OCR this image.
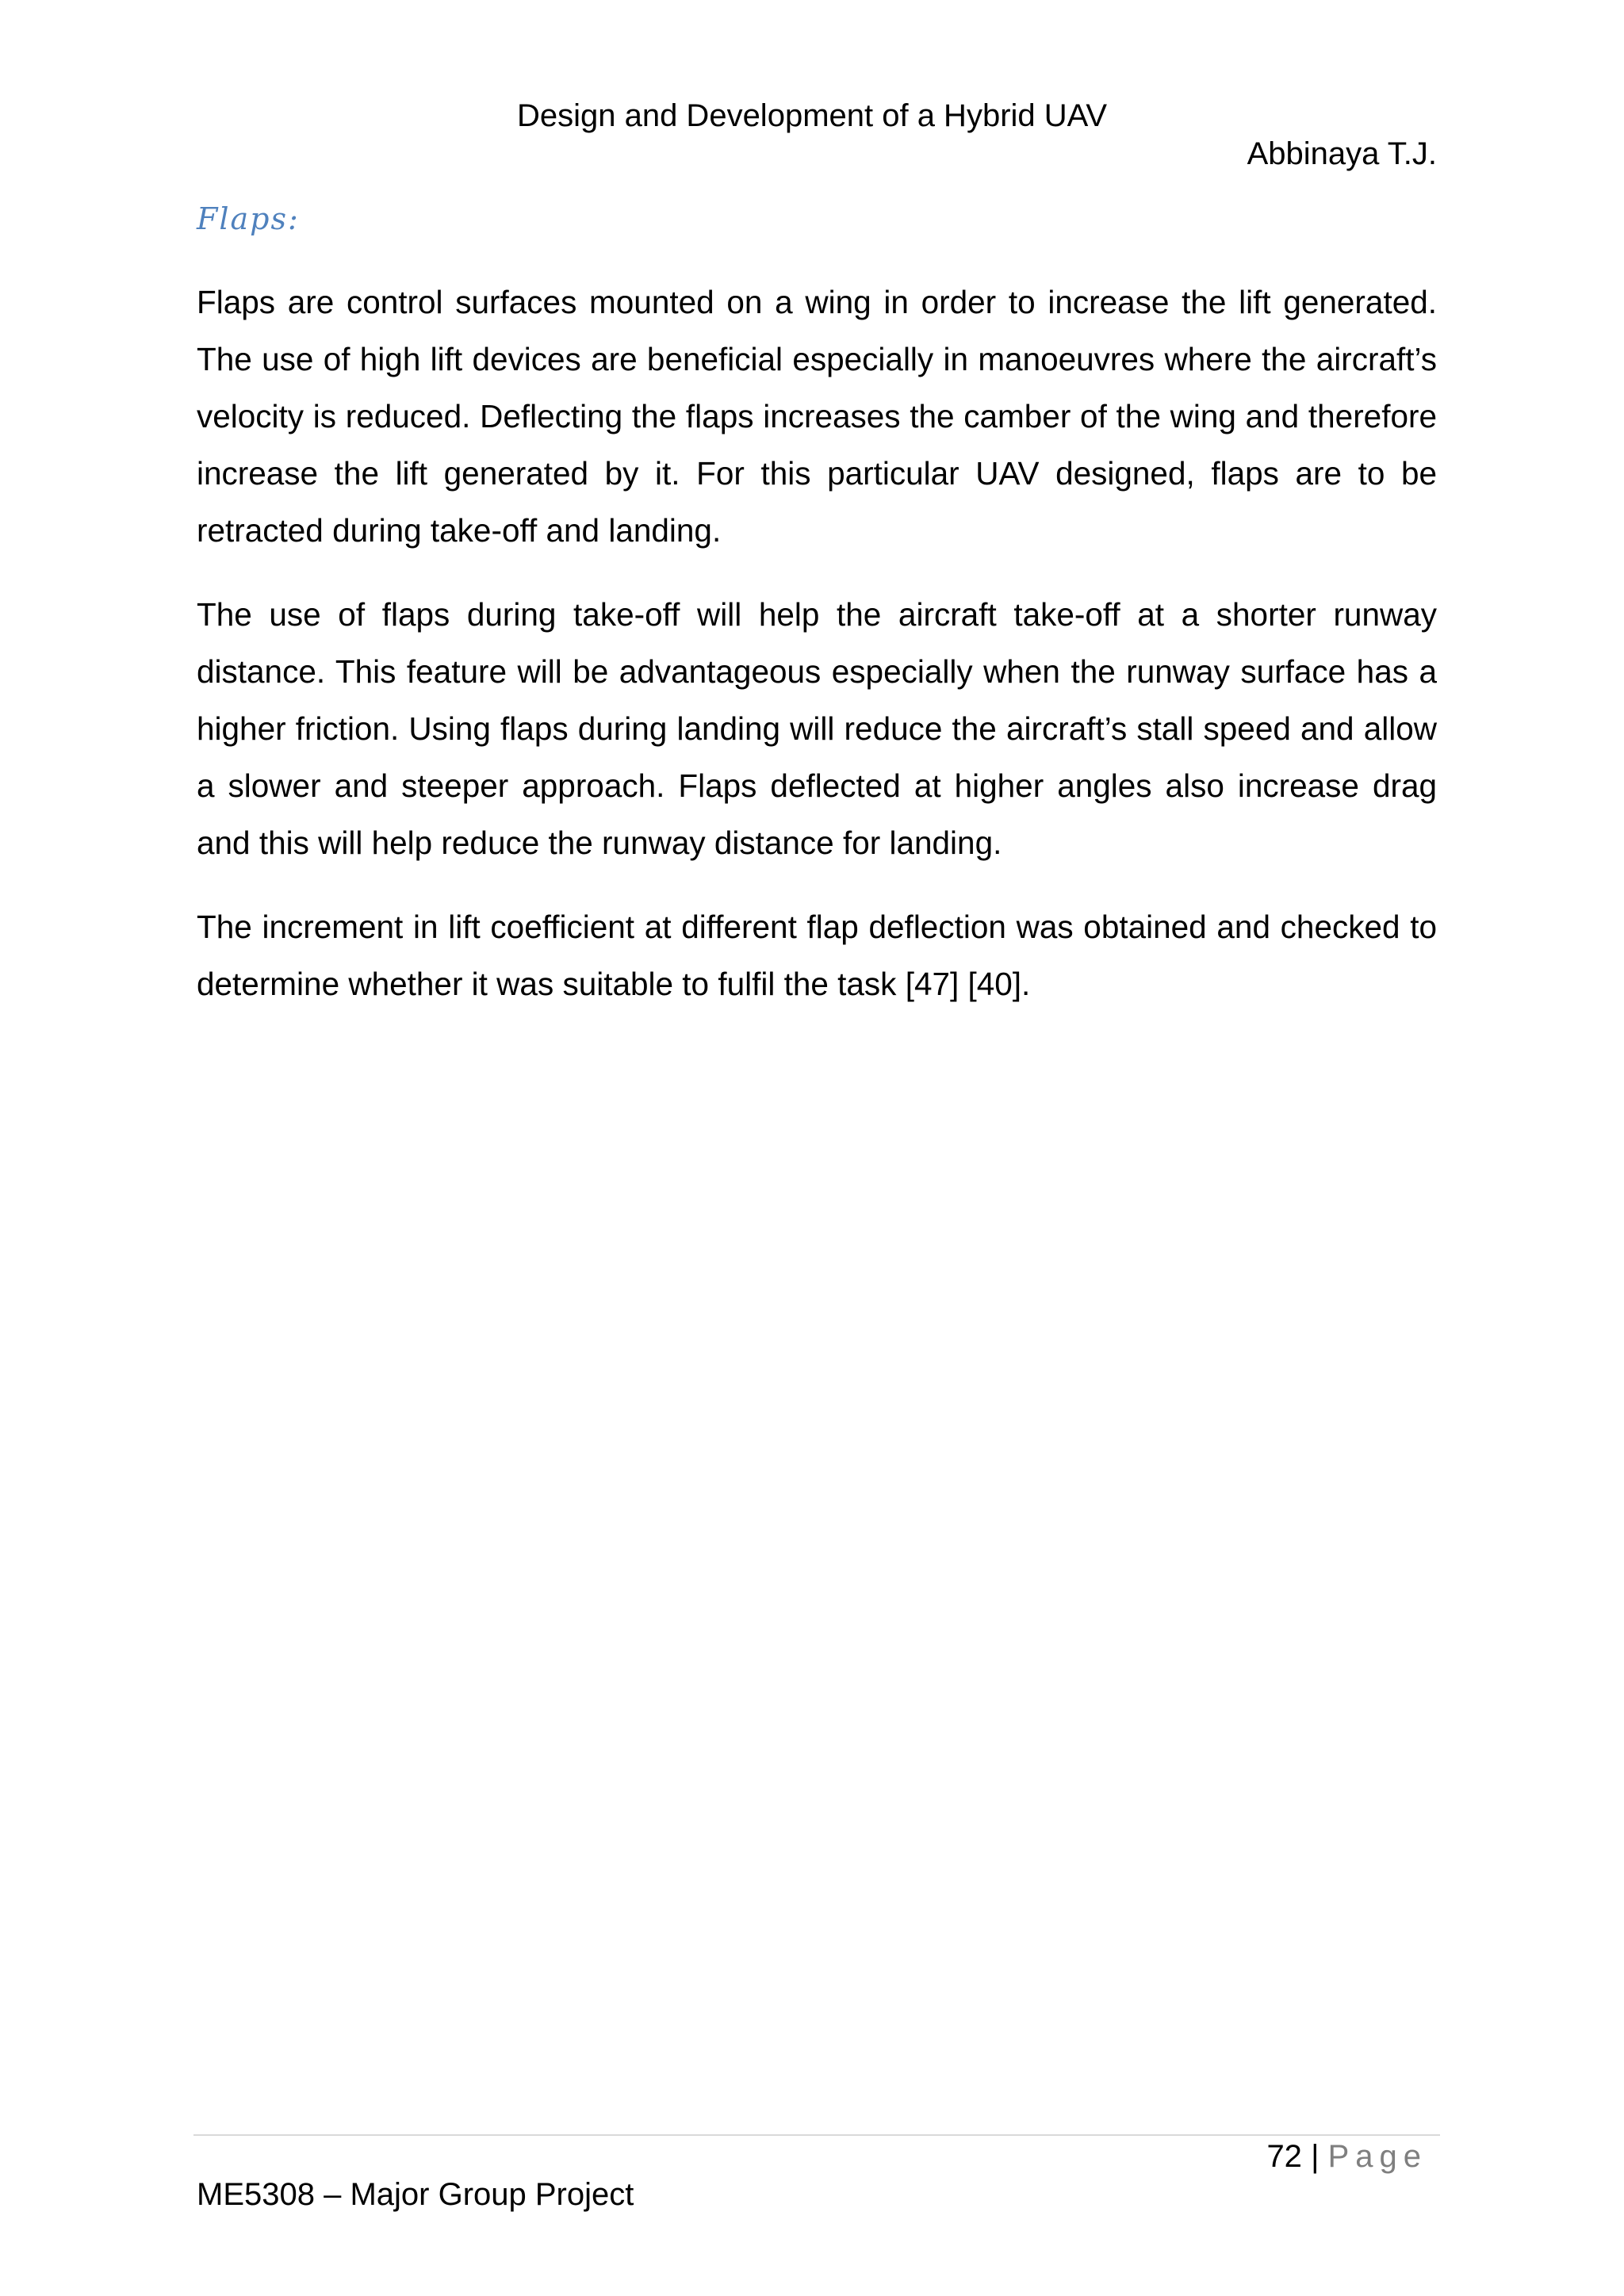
Design and Development of a Hybrid UAV
Abbinaya T.J.
Flaps:

Flaps are control surfaces mounted on a wing in order to increase the lift generated. The use of high lift devices are beneficial especially in manoeuvres where the aircraft’s velocity is reduced. Deflecting the flaps increases the camber of the wing and therefore increase the lift generated by it. For this particular UAV designed, flaps are to be retracted during take-off and landing.

The use of flaps during take-off will help the aircraft take-off at a shorter runway distance. This feature will be advantageous especially when the runway surface has a higher friction. Using flaps during landing will reduce the aircraft’s stall speed and allow a slower and steeper approach. Flaps deflected at higher angles also increase drag and this will help reduce the runway distance for landing.

The increment in lift coefficient at different flap deflection was obtained and checked to determine whether it was suitable to fulfil the task [47] [40].

72 | Page
ME5308 – Major Group Project
